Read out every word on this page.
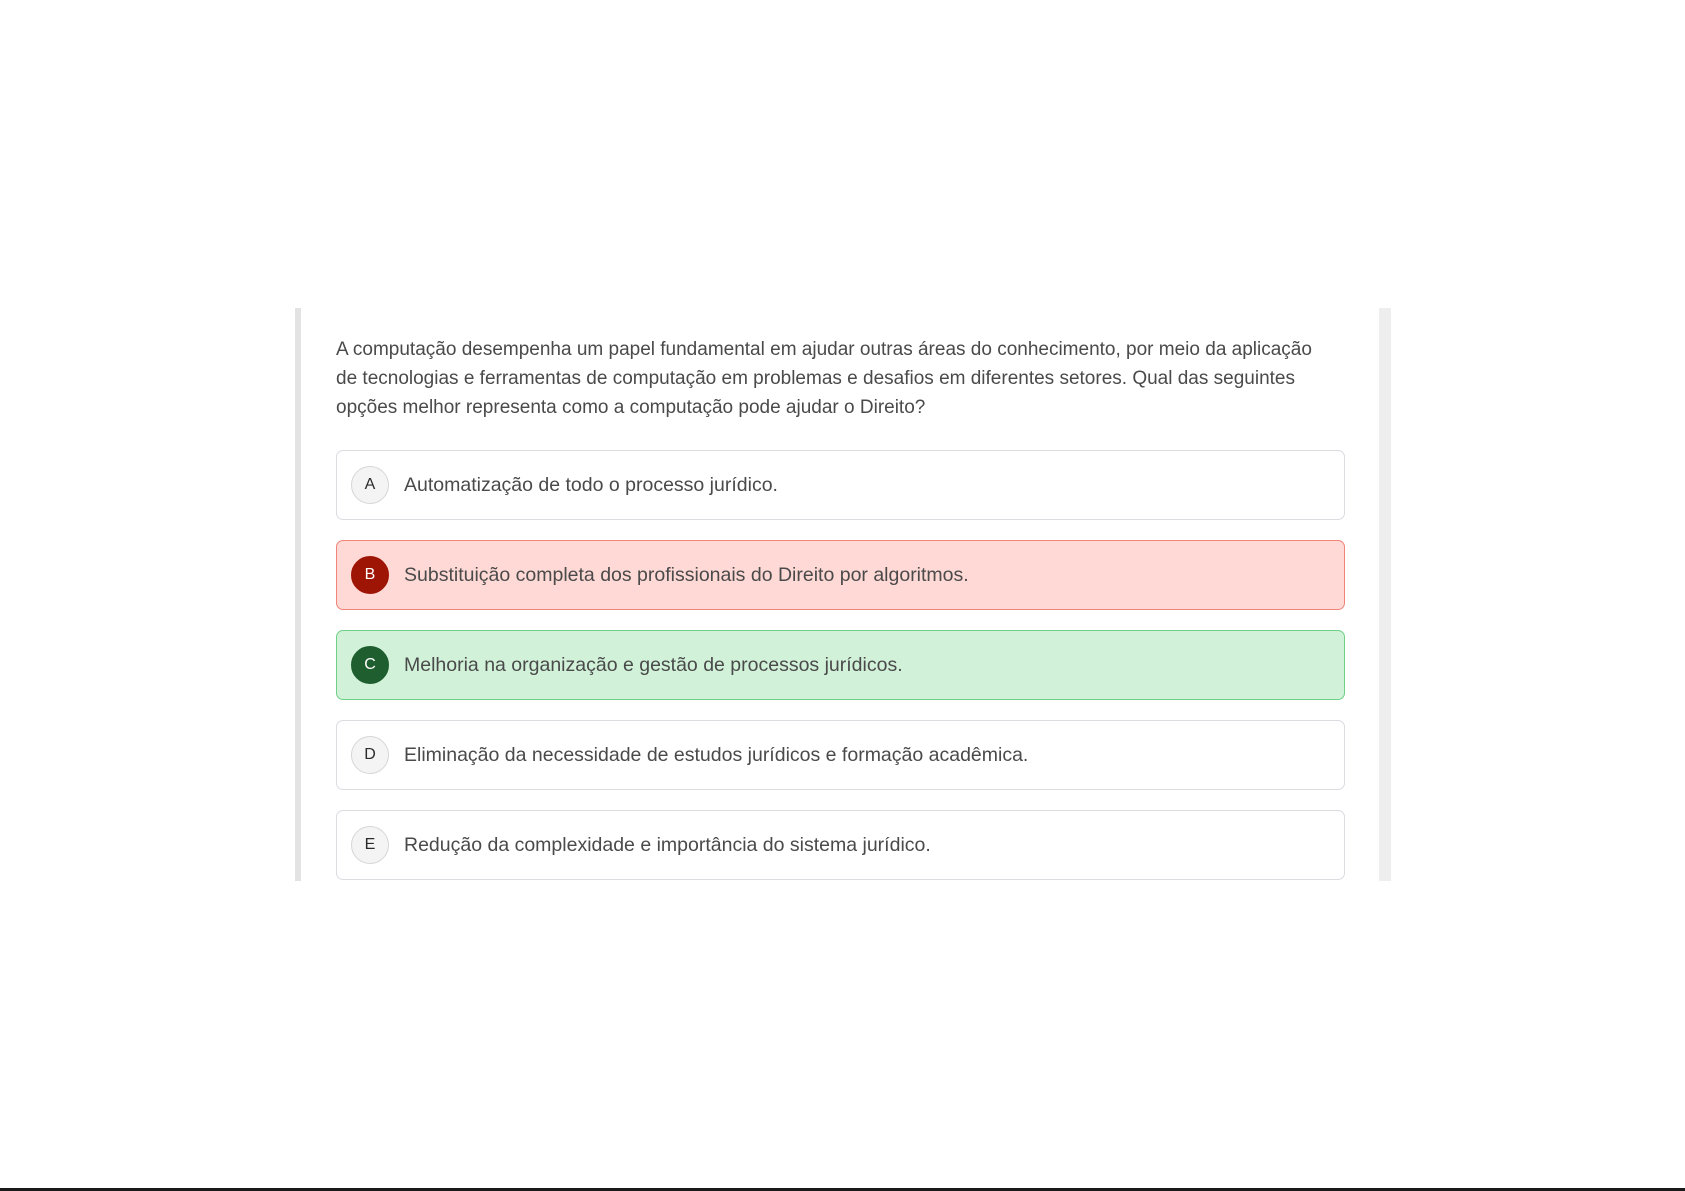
A computação desempenha um papel fundamental em ajudar outras áreas do conhecimento, por meio da aplicação de tecnologias e ferramentas de computação em problemas e desafios em diferentes setores. Qual das seguintes opções melhor representa como a computação pode ajudar o Direito?

A	Automatização de todo o processo jurídico.
B	Substituição completa dos profissionais do Direito por algoritmos.
C	Melhoria na organização e gestão de processos jurídicos.
D	Eliminação da necessidade de estudos jurídicos e formação acadêmica.
E	Redução da complexidade e importância do sistema jurídico.
